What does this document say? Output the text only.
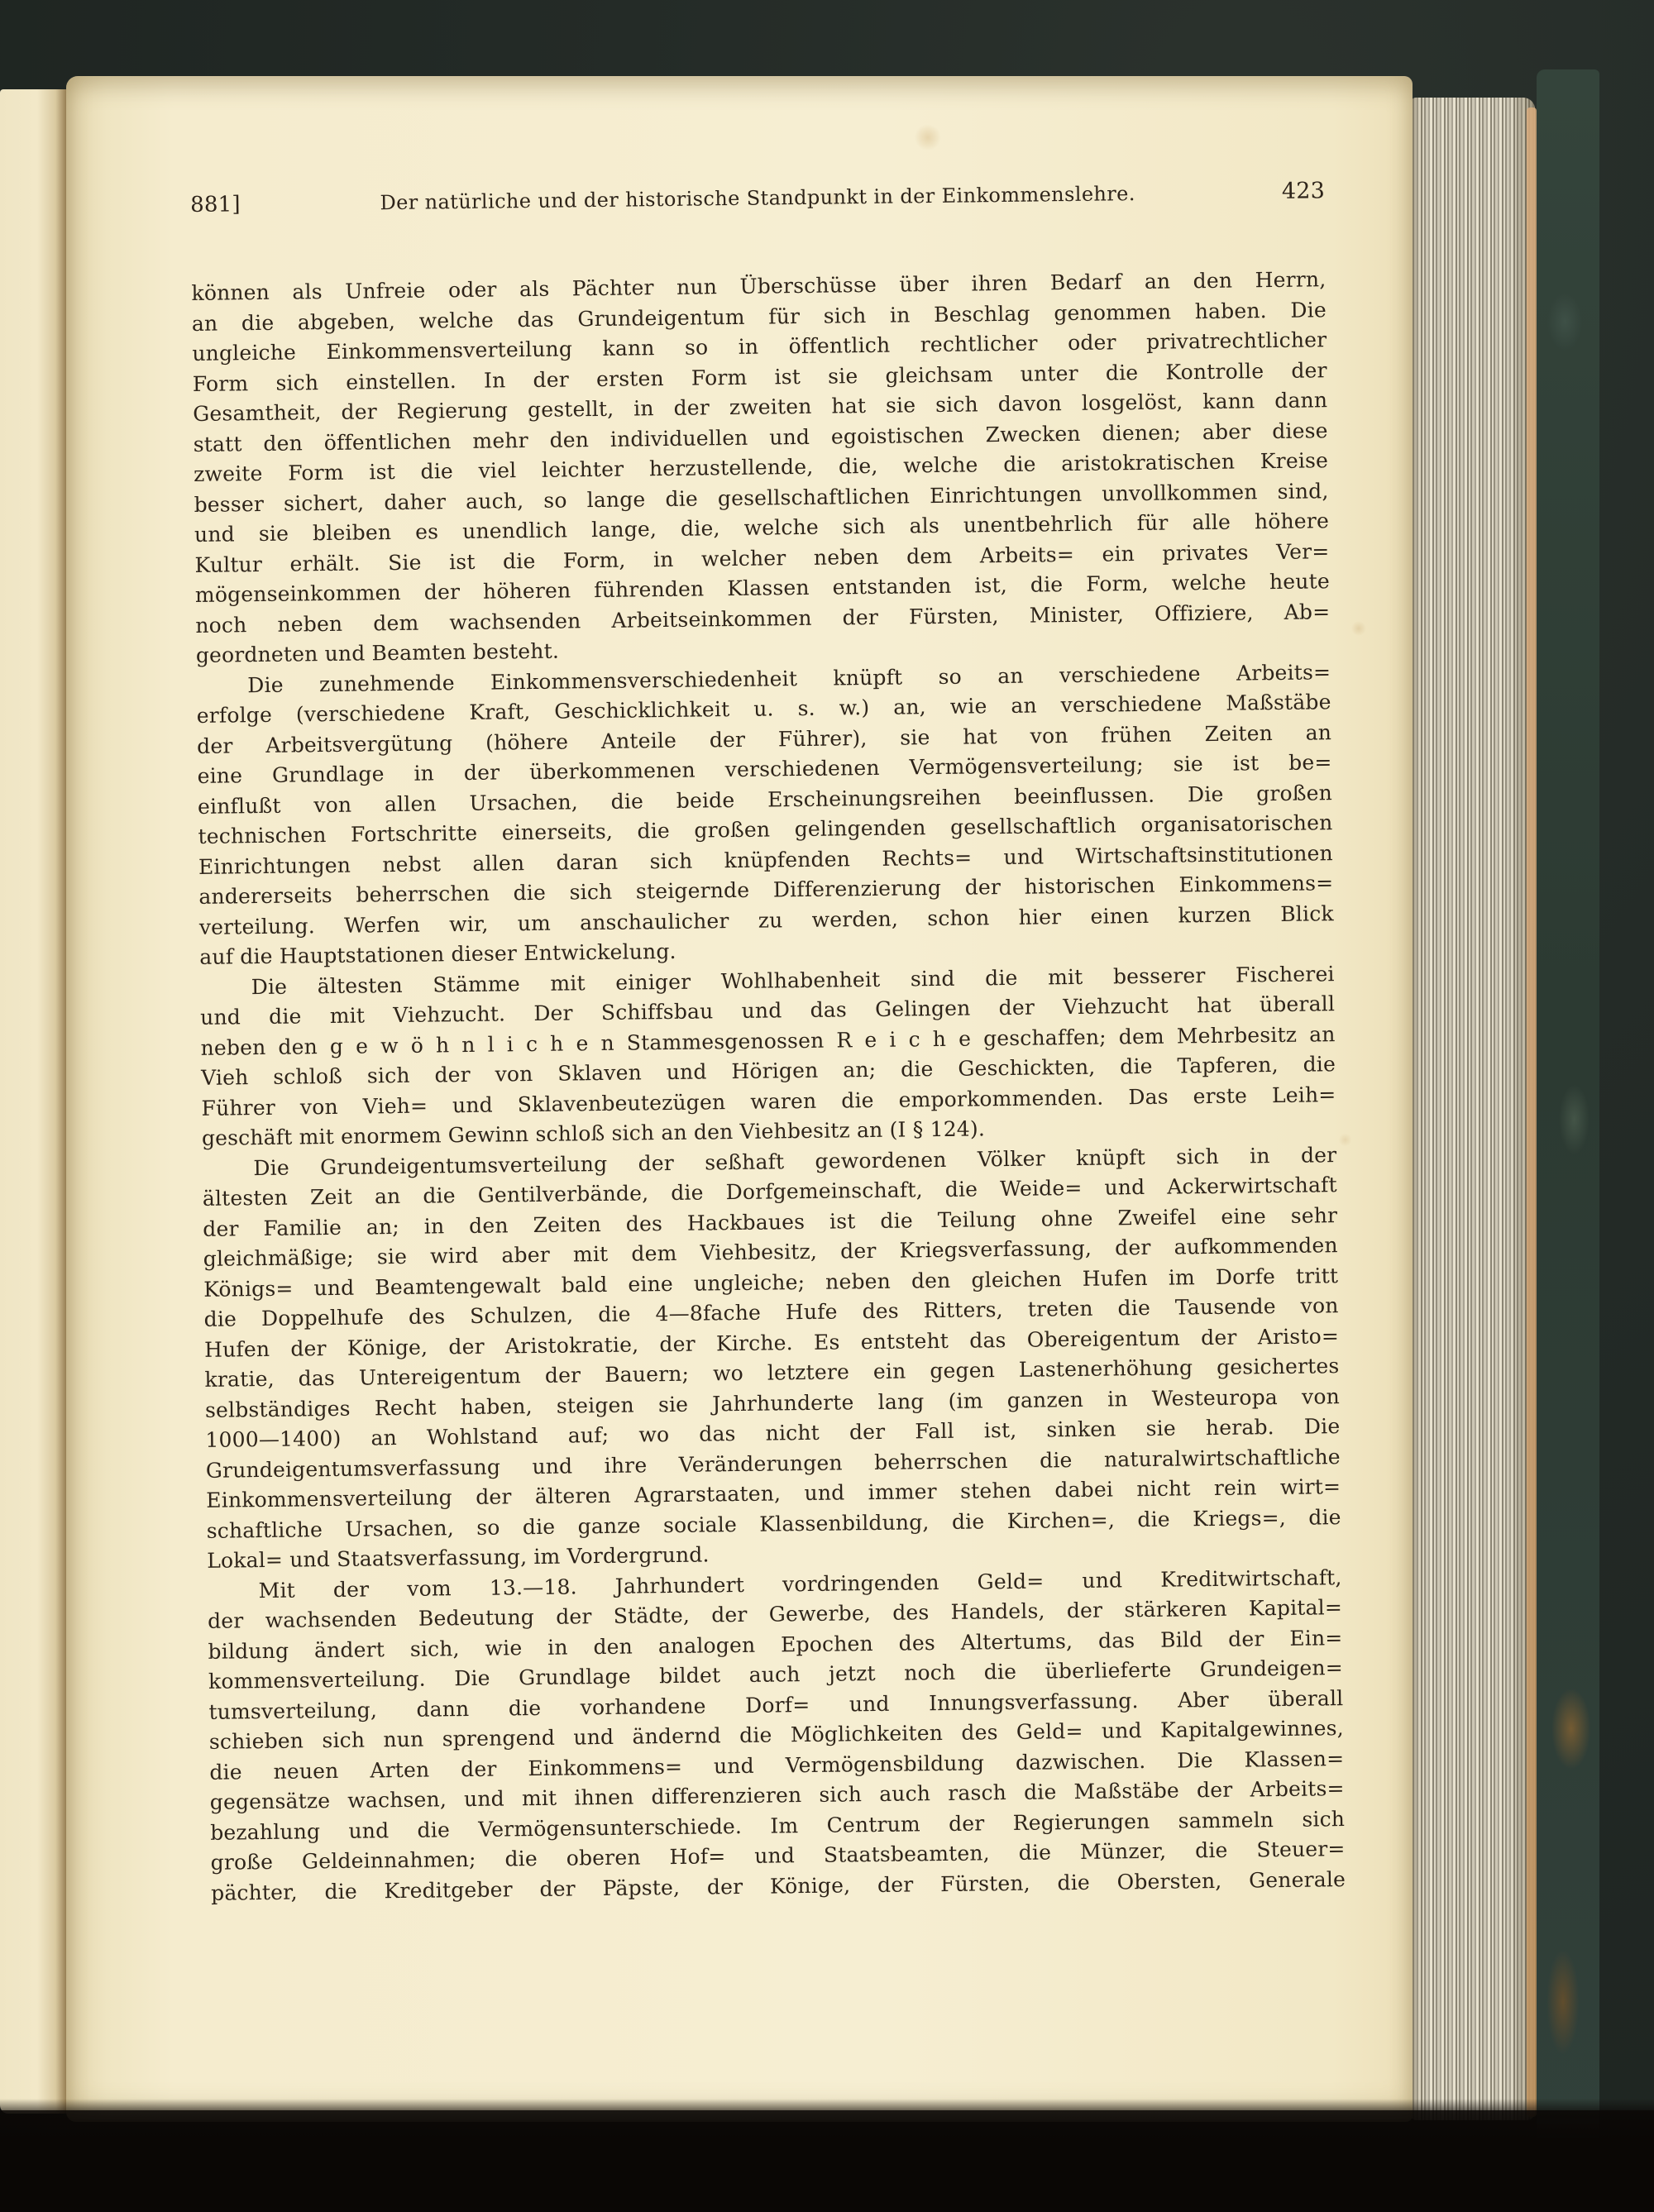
881]	Der natürliche und der historische Standpunkt in der Einkommenslehre.	423
können als Unfreie oder als Pächter nun Überschüsse über ihren Bedarf an den Herrn,
an die abgeben, welche das Grundeigentum für sich in Beschlag genommen haben. Die
ungleiche Einkommensverteilung kann so in öffentlich rechtlicher oder privatrechtlicher
Form sich einstellen. In der ersten Form ist sie gleichsam unter die Kontrolle der
Gesamtheit, der Regierung gestellt, in der zweiten hat sie sich davon losgelöst, kann dann
statt den öffentlichen mehr den individuellen und egoistischen Zwecken dienen; aber diese
zweite Form ist die viel leichter herzustellende, die, welche die aristokratischen Kreise
besser sichert, daher auch, so lange die gesellschaftlichen Einrichtungen unvollkommen sind,
und sie bleiben es unendlich lange, die, welche sich als unentbehrlich für alle höhere
Kultur erhält. Sie ist die Form, in welcher neben dem Arbeits= ein privates Ver=
mögenseinkommen der höheren führenden Klassen entstanden ist, die Form, welche heute
noch neben dem wachsenden Arbeitseinkommen der Fürsten, Minister, Offiziere, Ab=
geordneten und Beamten besteht.
Die zunehmende Einkommensverschiedenheit knüpft so an verschiedene Arbeits=
erfolge (verschiedene Kraft, Geschicklichkeit u. s. w.) an, wie an verschiedene Maßstäbe
der Arbeitsvergütung (höhere Anteile der Führer), sie hat von frühen Zeiten an
eine Grundlage in der überkommenen verschiedenen Vermögensverteilung; sie ist be=
einflußt von allen Ursachen, die beide Erscheinungsreihen beeinflussen. Die großen
technischen Fortschritte einerseits, die großen gelingenden gesellschaftlich organisatorischen
Einrichtungen nebst allen daran sich knüpfenden Rechts= und Wirtschaftsinstitutionen
andererseits beherrschen die sich steigernde Differenzierung der historischen Einkommens=
verteilung. Werfen wir, um anschaulicher zu werden, schon hier einen kurzen Blick
auf die Hauptstationen dieser Entwickelung.
Die ältesten Stämme mit einiger Wohlhabenheit sind die mit besserer Fischerei
und die mit Viehzucht. Der Schiffsbau und das Gelingen der Viehzucht hat überall
neben den g e w ö h n l i c h e n Stammesgenossen R e i c h e geschaffen; dem Mehrbesitz an
Vieh schloß sich der von Sklaven und Hörigen an; die Geschickten, die Tapferen, die
Führer von Vieh= und Sklavenbeutezügen waren die emporkommenden. Das erste Leih=
geschäft mit enormem Gewinn schloß sich an den Viehbesitz an (I § 124).
Die Grundeigentumsverteilung der seßhaft gewordenen Völker knüpft sich in der
ältesten Zeit an die Gentilverbände, die Dorfgemeinschaft, die Weide= und Ackerwirtschaft
der Familie an; in den Zeiten des Hackbaues ist die Teilung ohne Zweifel eine sehr
gleichmäßige; sie wird aber mit dem Viehbesitz, der Kriegsverfassung, der aufkommenden
Königs= und Beamtengewalt bald eine ungleiche; neben den gleichen Hufen im Dorfe tritt
die Doppelhufe des Schulzen, die 4—8fache Hufe des Ritters, treten die Tausende von
Hufen der Könige, der Aristokratie, der Kirche. Es entsteht das Obereigentum der Aristo=
kratie, das Untereigentum der Bauern; wo letztere ein gegen Lastenerhöhung gesichertes
selbständiges Recht haben, steigen sie Jahrhunderte lang (im ganzen in Westeuropa von
1000—1400) an Wohlstand auf; wo das nicht der Fall ist, sinken sie herab. Die
Grundeigentumsverfassung und ihre Veränderungen beherrschen die naturalwirtschaftliche
Einkommensverteilung der älteren Agrarstaaten, und immer stehen dabei nicht rein wirt=
schaftliche Ursachen, so die ganze sociale Klassenbildung, die Kirchen=, die Kriegs=, die
Lokal= und Staatsverfassung, im Vordergrund.
Mit der vom 13.—18. Jahrhundert vordringenden Geld= und Kreditwirtschaft,
der wachsenden Bedeutung der Städte, der Gewerbe, des Handels, der stärkeren Kapital=
bildung ändert sich, wie in den analogen Epochen des Altertums, das Bild der Ein=
kommensverteilung. Die Grundlage bildet auch jetzt noch die überlieferte Grundeigen=
tumsverteilung, dann die vorhandene Dorf= und Innungsverfassung. Aber überall
schieben sich nun sprengend und ändernd die Möglichkeiten des Geld= und Kapitalgewinnes,
die neuen Arten der Einkommens= und Vermögensbildung dazwischen. Die Klassen=
gegensätze wachsen, und mit ihnen differenzieren sich auch rasch die Maßstäbe der Arbeits=
bezahlung und die Vermögensunterschiede. Im Centrum der Regierungen sammeln sich
große Geldeinnahmen; die oberen Hof= und Staatsbeamten, die Münzer, die Steuer=
pächter, die Kreditgeber der Päpste, der Könige, der Fürsten, die Obersten, Generale
